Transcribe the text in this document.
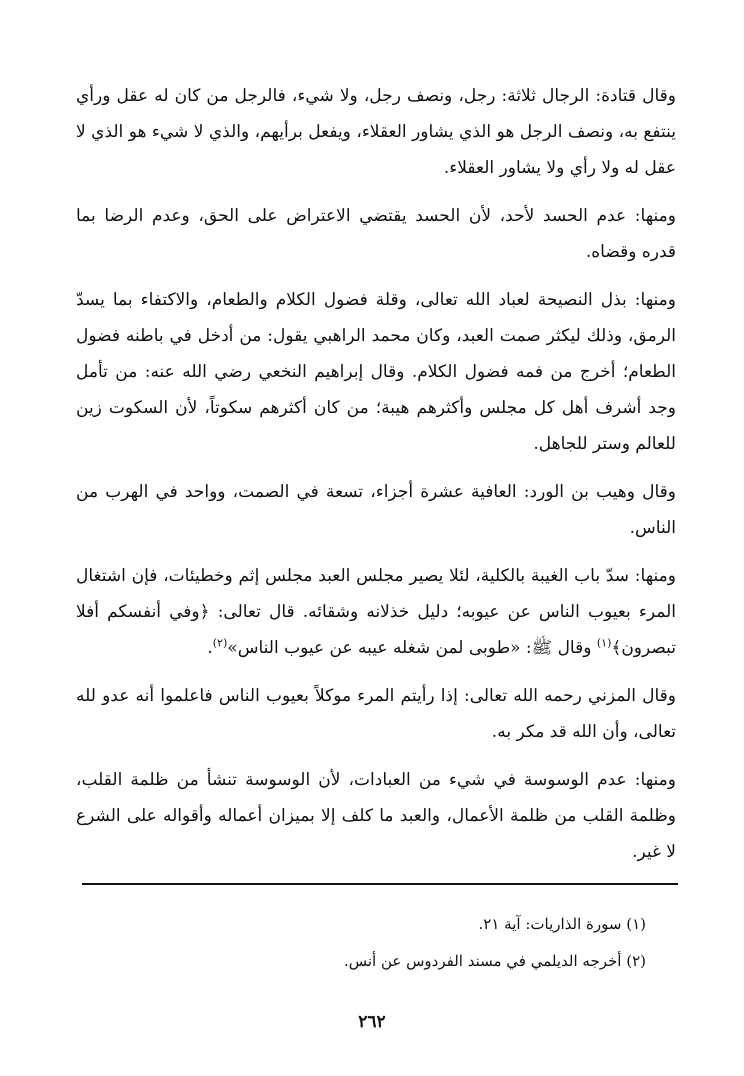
وقال قتادة: الرجال ثلاثة: رجل، ونصف رجل، ولا شيء، فالرجل من كان له عقل ورأي ينتفع به، ونصف الرجل هو الذي يشاور العقلاء، ويفعل برأيهم، والذي لا شيء هو الذي لا عقل له ولا رأي ولا يشاور العقلاء.

ومنها: عدم الحسد لأحد، لأن الحسد يقتضي الاعتراض على الحق، وعدم الرضا بما قدره وقضاه.

ومنها: بذل النصيحة لعباد الله تعالى، وقلة فضول الكلام والطعام، والاكتفاء بما يسدّ الرمق، وذلك ليكثر صمت العبد، وكان محمد الراهبي يقول: من أدخل في باطنه فضول الطعام؛ أخرج من فمه فضول الكلام. وقال إبراهيم النخعي رضي الله عنه: من تأمل وجد أشرف أهل كل مجلس وأكثرهم هيبة؛ من كان أكثرهم سكوتاً، لأن السكوت زين للعالم وستر للجاهل.

وقال وهيب بن الورد: العافية عشرة أجزاء، تسعة في الصمت، وواحد في الهرب من الناس.

ومنها: سدّ باب الغيبة بالكلية، لئلا يصير مجلس العبد مجلس إثم وخطيئات، فإن اشتغال المرء بعيوب الناس عن عيوبه؛ دليل خذلانه وشقائه. قال تعالى: ﴿وفي أنفسكم أفلا تبصرون﴾$^{(١)}$ وقال ﷺ: «طوبى لمن شغله عيبه عن عيوب الناس»$^{(٢)}$.

وقال المزني رحمه الله تعالى: إذا رأيتم المرء موكلاً بعيوب الناس فاعلموا أنه عدو لله تعالى، وأن الله قد مكر به.

ومنها: عدم الوسوسة في شيء من العبادات، لأن الوسوسة تنشأ من ظلمة القلب، وظلمة القلب من ظلمة الأعمال، والعبد ما كلف إلا بميزان أعماله وأقواله على الشرع لا غير.

(١) سورة الذاريات: آية ٢١.

(٢) أخرجه الديلمي في مسند الفردوس عن أنس.

٢٦٢
